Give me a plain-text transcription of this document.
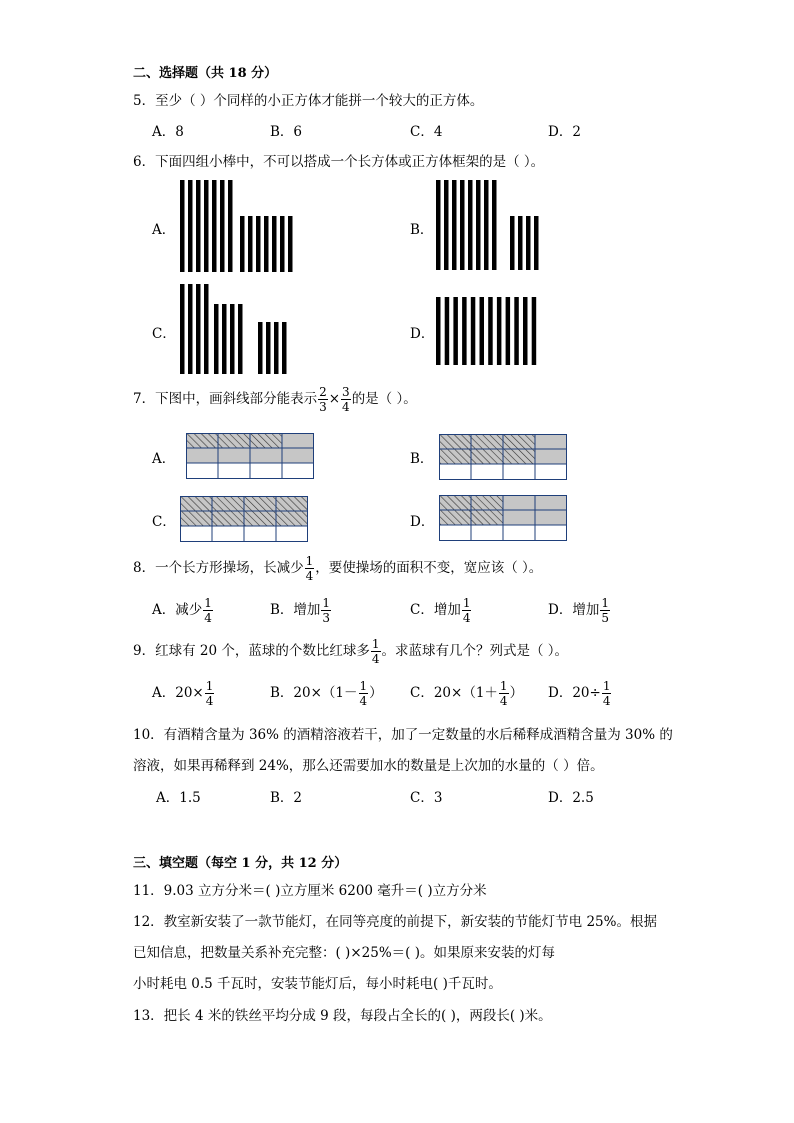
二、选择题（共 18 分）
5．至少（ ）个同样的小正方体才能拼一个较大的正方体。
A．8	B．6	C．4	D．2
6．下面四组小棒中，不可以搭成一个长方体或正方体框架的是（ ）。
A．	B．
C．	D．
7．下图中，画斜线部分能表示 $\frac{2}{3} \times \frac{3}{4}$ 的是（ ）。
A．	B．
C．	D．
8．一个长方形操场，长减少 $\frac{1}{4}$ ，要使操场的面积不变，宽应该（ ）。
A．减少 $\frac{1}{4}$	B．增加 $\frac{1}{3}$	C．增加 $\frac{1}{4}$	D．增加 $\frac{1}{5}$
9．红球有 20 个，蓝球的个数比红球多 $\frac{1}{4}$ 。求蓝球有几个？列式是（ ）。
A．$20\times \frac{1}{4}$	B．$20\times(1- \frac{1}{4}$ ） C．$20\times(1+ \frac{1}{4}$ ） D．$20\div \frac{1}{4}$
10．有酒精含量为 36% 的酒精溶液若干，加了一定数量的水后稀释成酒精含量为 30% 的
溶液，如果再稀释到 24%，那么还需要加水的数量是上次加的水量的（ ）倍。
A．1.5	B．2	C．3	D．2.5
三、填空题（每空 1 分，共 12 分）
11．9.03 立方分米＝( )立方厘米 6200 毫升＝( )立方分米
12．教室新安装了一款节能灯，在同等亮度的前提下，新安装的节能灯节电 25%。根据
已知信息，把数量关系补充完整：( )×25%＝( )。如果原来安装的灯每
小时耗电 0.5 千瓦时，安装节能灯后，每小时耗电( )千瓦时。
13．把长 4 米的铁丝平均分成 9 段，每段占全长的( )，两段长( )米。
